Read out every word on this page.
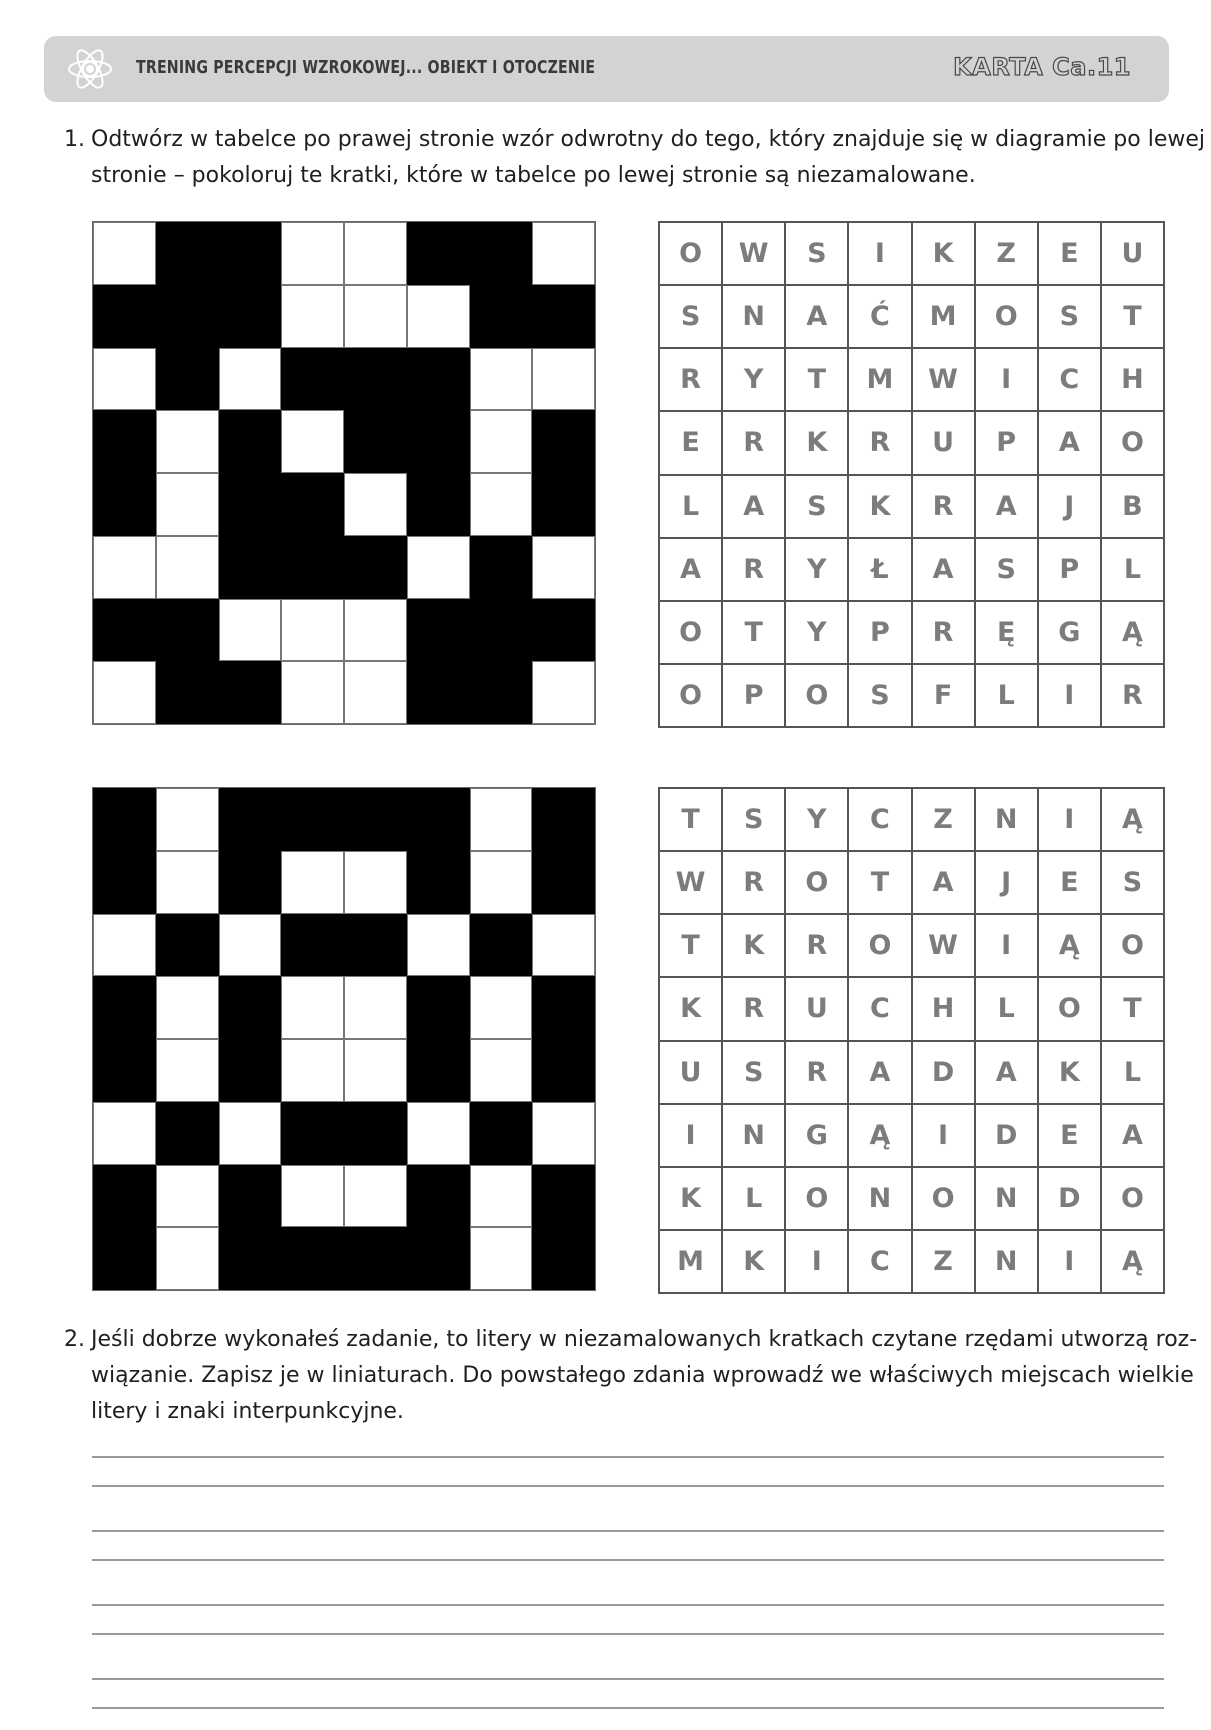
TRENING PERCEPCJI WZROKOWEJ... OBIEKT I OTOCZENIE	KARTA Ca.11
1. Odtwórz w tabelce po prawej stronie wzór odwrotny do tego, który znajduje się w diagramie po lewej
stronie – pokoloruj te kratki, które w tabelce po lewej stronie są niezamalowane.
O	W	S	I	K	Z	E	U
S	N	A	Ć	M	O	S	T
R	Y	T	M	W	I	C	H
E	R	K	R	U	P	A	O
L	A	S	K	R	A	J	B
A	R	Y	Ł	A	S	P	L
O	T	Y	P	R	Ę	G	Ą
O	P	O	S	F	L	I	R
T	S	Y	C	Z	N	I	Ą
W	R	O	T	A	J	E	S
T	K	R	O	W	I	Ą	O
K	R	U	C	H	L	O	T
U	S	R	A	D	A	K	L
I	N	G	Ą	I	D	E	A
K	L	O	N	O	N	D	O
M	K	I	C	Z	N	I	Ą
2. Jeśli dobrze wykonałeś zadanie, to litery w niezamalowanych kratkach czytane rzędami utworzą roz-
wiązanie. Zapisz je w liniaturach. Do powstałego zdania wprowadź we właściwych miejscach wielkie
litery i znaki interpunkcyjne.
